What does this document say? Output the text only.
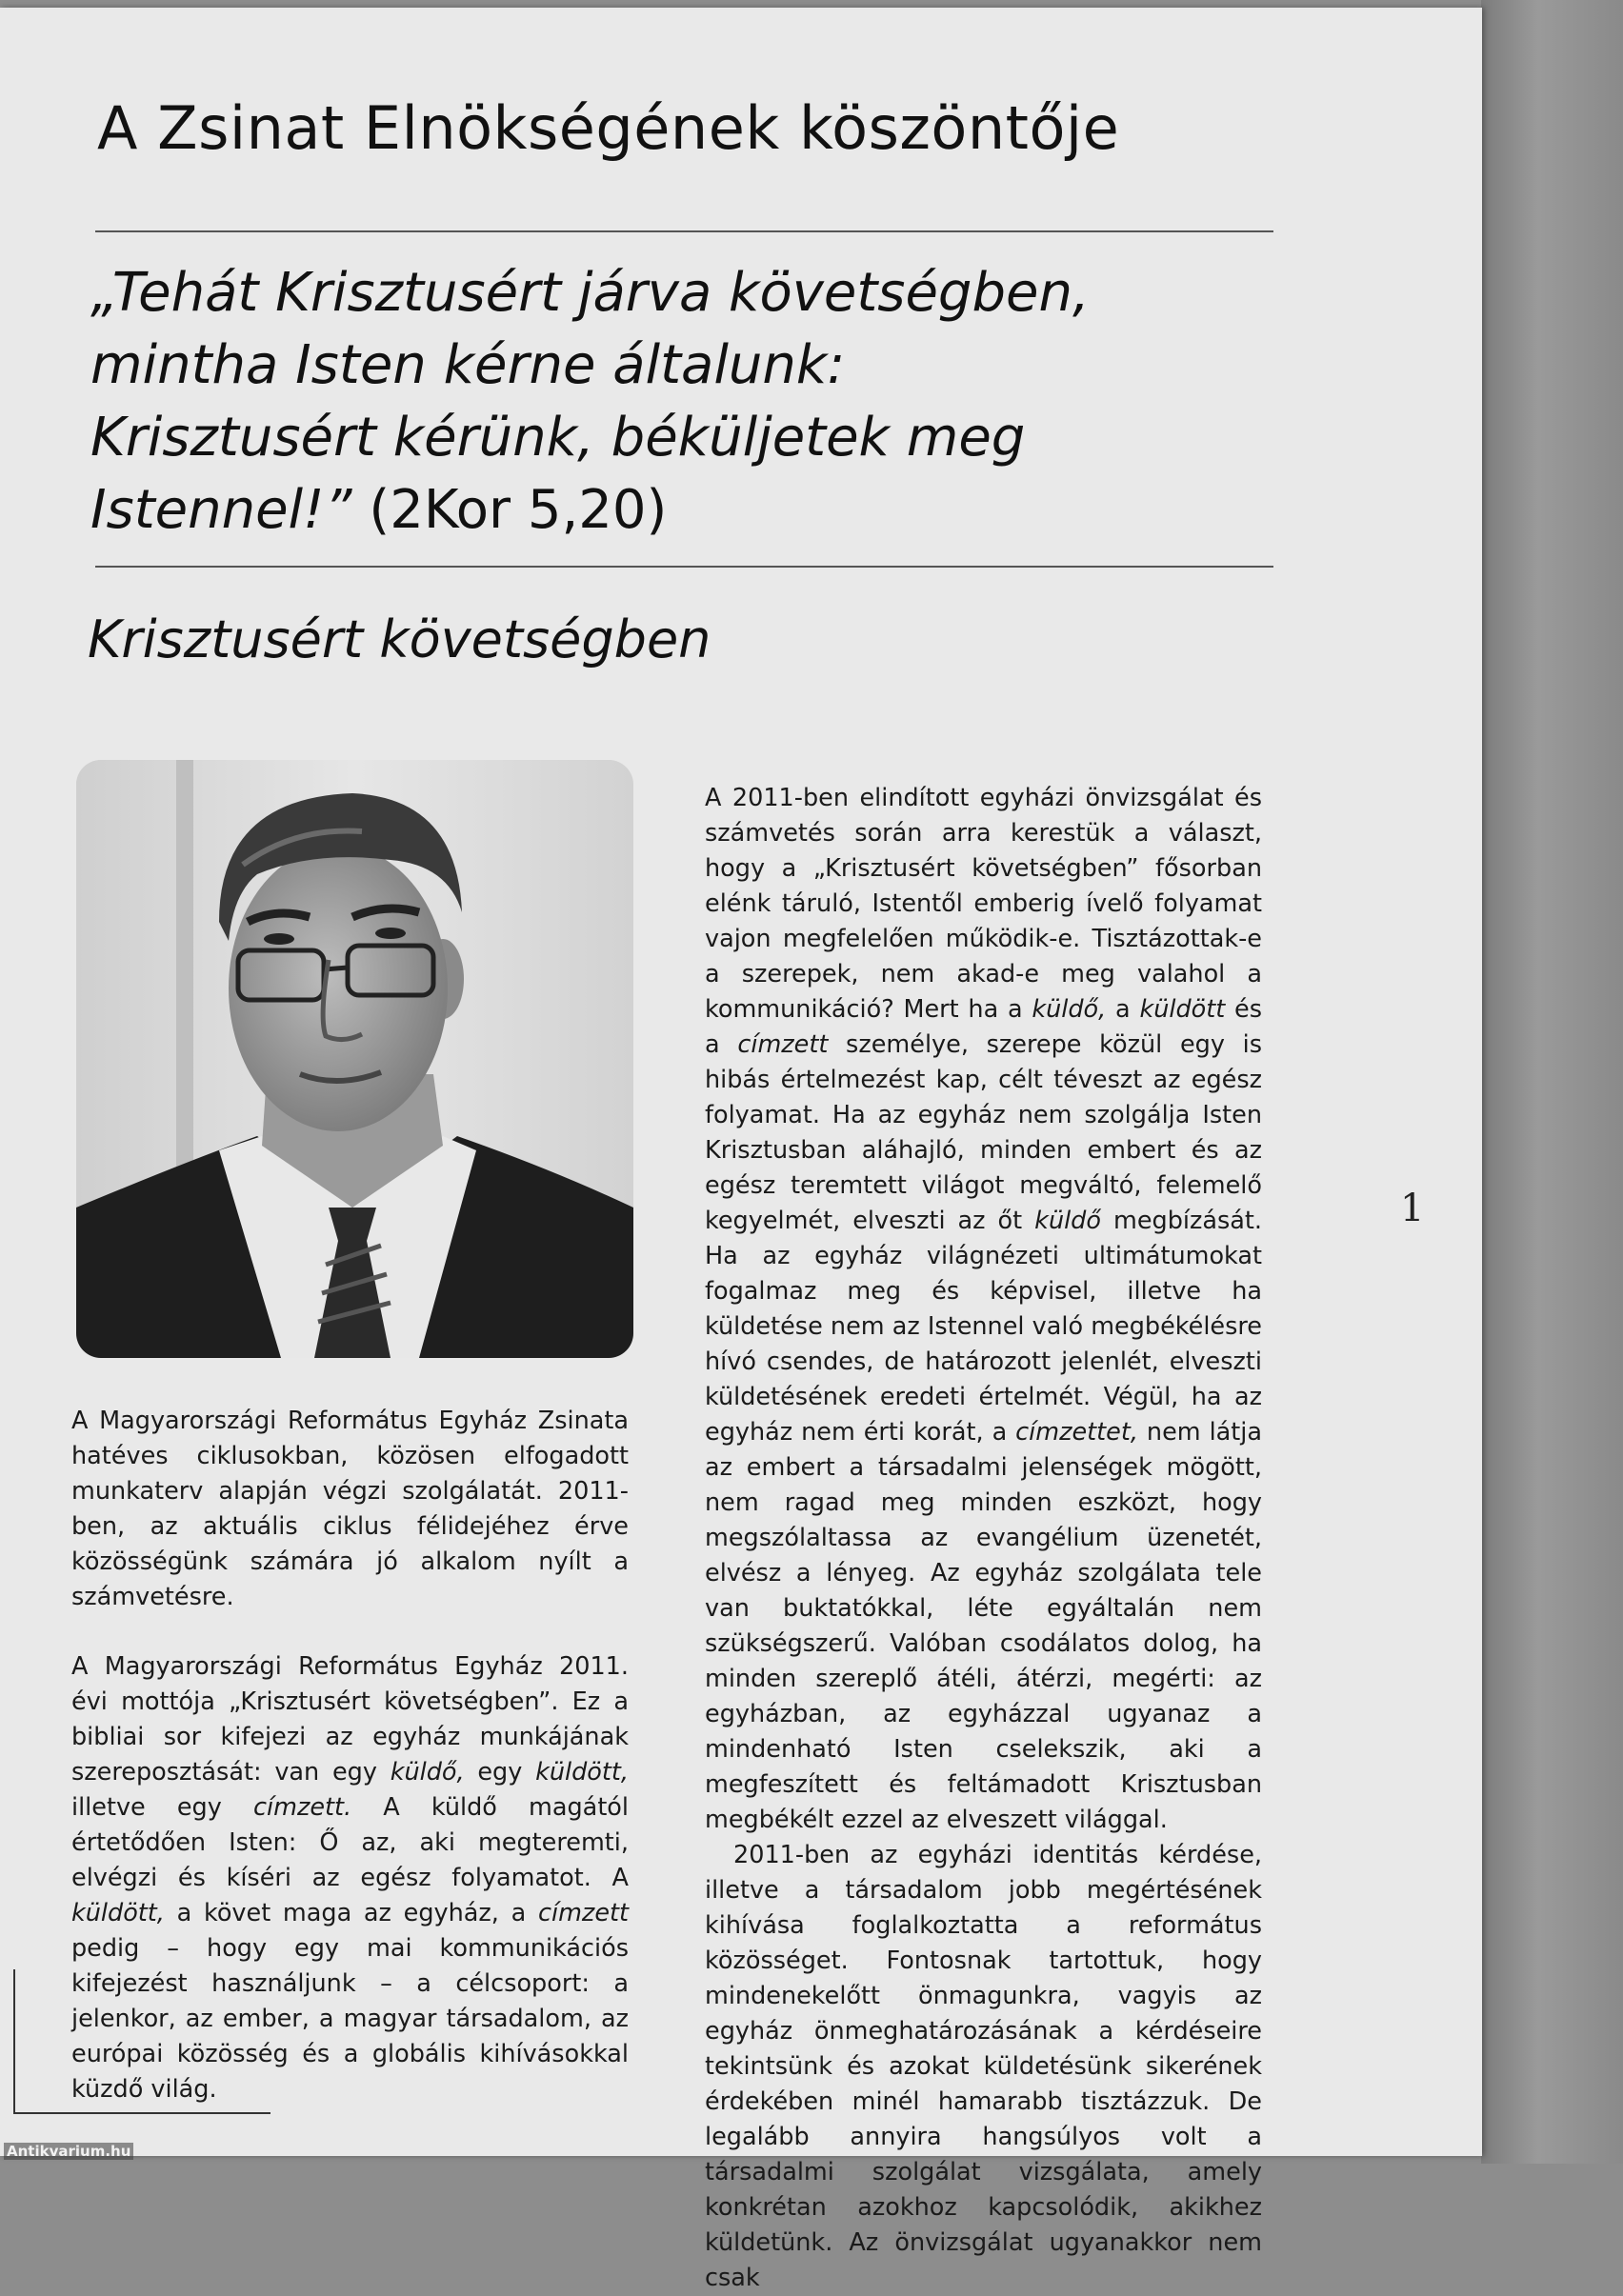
A Zsinat Elnökségének köszöntője
„Tehát Krisztusért járva követségben,
mintha Isten kérne általunk:
Krisztusért kérünk, béküljetek meg
Istennel!” (2Kor 5,20)
Krisztusért követségben

A Magyarországi Református Egyház Zsinata hatéves ciklusokban, közösen elfogadott munkaterv alapján végzi szolgálatát. 2011-ben, az aktuális ciklus félidejéhez érve közösségünk számára jó alkalom nyílt a számvetésre.

A Magyarországi Református Egyház 2011. évi mottója „Krisztusért követségben”. Ez a bibliai sor kifejezi az egyház munkájának szereposztását: van egy küldő, egy küldött, illetve egy címzett. A küldő magától értetődően Isten: Ő az, aki megteremti, elvégzi és kíséri az egész folyamatot. A küldött, a követ maga az egyház, a címzett pedig – hogy egy mai kommunikációs kifejezést használjunk – a célcsoport: a jelenkor, az ember, a magyar társadalom, az európai közösség és a globális kihívásokkal küzdő világ.

A 2011-ben elindított egyházi önvizsgálat és számvetés során arra kerestük a választ, hogy a „Krisztusért követségben” fősorban elénk táruló, Istentől emberig ívelő folyamat vajon megfelelően működik-e. Tisztázottak-e a szerepek, nem akad-e meg valahol a kommunikáció? Mert ha a küldő, a küldött és a címzett személye, szerepe közül egy is hibás értelmezést kap, célt téveszt az egész folyamat. Ha az egyház nem szolgálja Isten Krisztusban aláhajló, minden embert és az egész teremtett világot megváltó, felemelő kegyelmét, elveszti az őt küldő megbízását. Ha az egyház világnézeti ultimátumokat fogalmaz meg és képvisel, illetve ha küldetése nem az Istennel való megbékélésre hívó csendes, de határozott jelenlét, elveszti küldetésének eredeti értelmét. Végül, ha az egyház nem érti korát, a címzettet, nem látja az embert a társadalmi jelenségek mögött, nem ragad meg minden eszközt, hogy megszólaltassa az evangélium üzenetét, elvész a lényeg. Az egyház szolgálata tele van buktatókkal, léte egyáltalán nem szükségszerű. Valóban csodálatos dolog, ha minden szereplő átéli, átérzi, megérti: az egyházban, az egyházzal ugyanaz a mindenható Isten cselekszik, aki a megfeszített és feltámadott Krisztusban megbékélt ezzel az elveszett világgal.

2011-ben az egyházi identitás kérdése, illetve a társadalom jobb megértésének kihívása foglalkoztatta a református közösséget. Fontosnak tartottuk, hogy mindenekelőtt önmagunkra, vagyis az egyház önmeghatározásának a kérdéseire tekintsünk és azokat küldetésünk sikerének érdekében minél hamarabb tisztázzuk. De legalább annyira hangsúlyos volt a társadalmi szolgálat vizsgálata, amely konkrétan azokhoz kapcsolódik, akikhez küldetünk. Az önvizsgálat ugyanakkor nem csak

1
Antikvarium.hu
